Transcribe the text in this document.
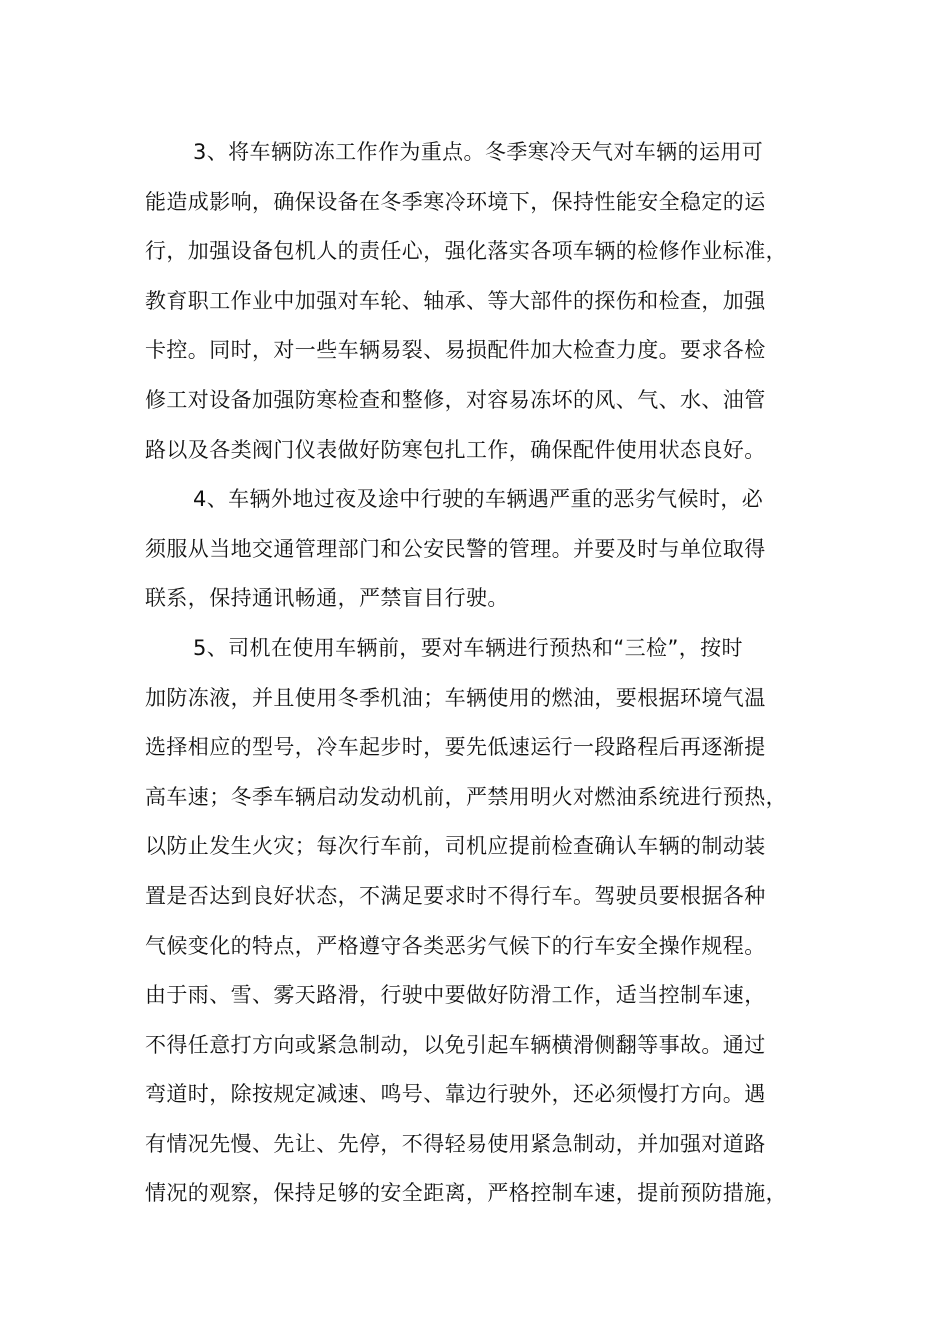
3、将车辆防冻工作作为重点。冬季寒冷天气对车辆的运用可
能造成影响，确保设备在冬季寒冷环境下，保持性能安全稳定的运
行，加强设备包机人的责任心，强化落实各项车辆的检修作业标准，
教育职工作业中加强对车轮、轴承、等大部件的探伤和检查，加强
卡控。同时，对一些车辆易裂、易损配件加大检查力度。要求各检
修工对设备加强防寒检查和整修，对容易冻坏的风、气、水、油管
路以及各类阀门仪表做好防寒包扎工作，确保配件使用状态良好。

4、车辆外地过夜及途中行驶的车辆遇严重的恶劣气候时，必
须服从当地交通管理部门和公安民警的管理。并要及时与单位取得
联系，保持通讯畅通，严禁盲目行驶。

5、司机在使用车辆前，要对车辆进行预热和“三检”，按时
加防冻液，并且使用冬季机油；车辆使用的燃油，要根据环境气温
选择相应的型号，冷车起步时，要先低速运行一段路程后再逐渐提
高车速；冬季车辆启动发动机前，严禁用明火对燃油系统进行预热，
以防止发生火灾；每次行车前，司机应提前检查确认车辆的制动装
置是否达到良好状态，不满足要求时不得行车。驾驶员要根据各种
气候变化的特点，严格遵守各类恶劣气候下的行车安全操作规程。
由于雨、雪、雾天路滑，行驶中要做好防滑工作，适当控制车速，
不得任意打方向或紧急制动，以免引起车辆横滑侧翻等事故。通过
弯道时，除按规定减速、鸣号、靠边行驶外，还必须慢打方向。遇
有情况先慢、先让、先停，不得轻易使用紧急制动，并加强对道路
情况的观察，保持足够的安全距离，严格控制车速，提前预防措施，
